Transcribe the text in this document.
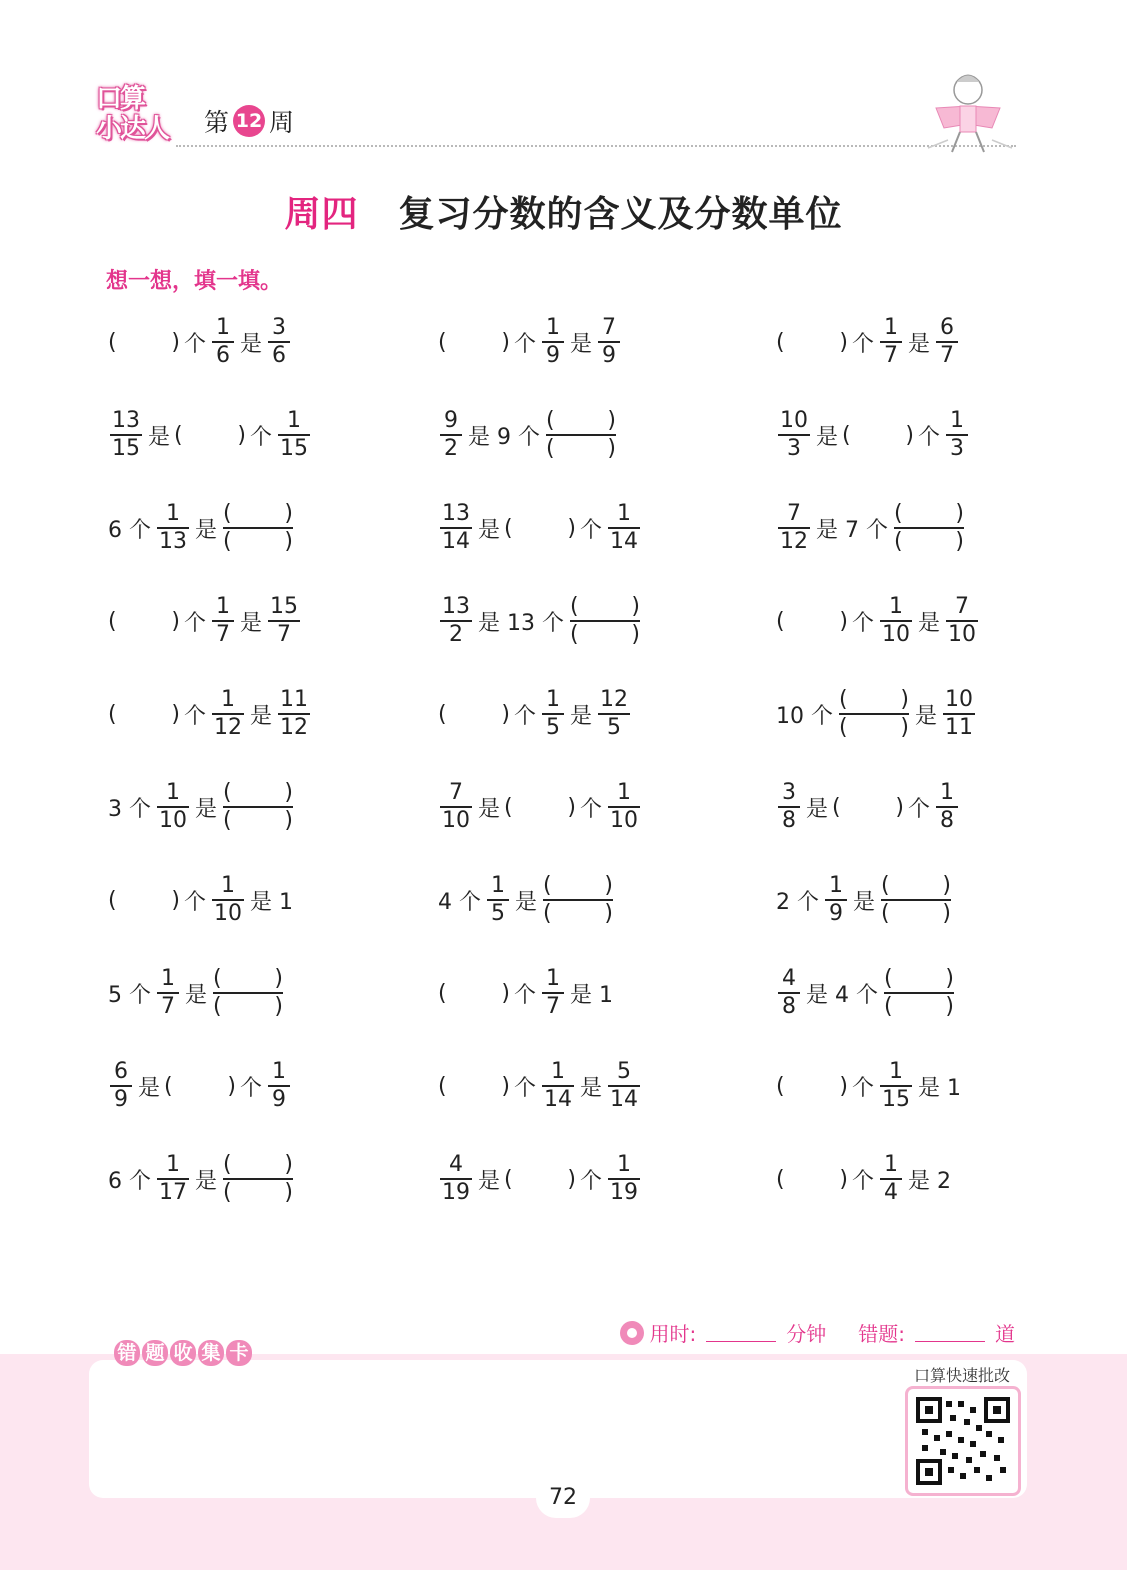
口算
小达人	第 12 周
周四 复习分数的含义及分数单位
想一想，填一填。
( ) 个 $\frac{1}{6}$ 是 $\frac{3}{6}$	( ) 个 $\frac{1}{9}$ 是 $\frac{7}{9}$	( ) 个 $\frac{1}{7}$ 是 $\frac{6}{7}$
$\frac{13}{15}$ 是 ( ) 个 $\frac{1}{15}$	$\frac{9}{2}$ 是 9 个 $\frac{( )}{( )}$	$\frac{10}{3}$ 是 ( ) 个 $\frac{1}{3}$
6 个 $\frac{1}{13}$ 是 $\frac{( )}{( )}$	$\frac{13}{14}$ 是 ( ) 个 $\frac{1}{14}$	$\frac{7}{12}$ 是 7 个 $\frac{( )}{( )}$
( ) 个 $\frac{1}{7}$ 是 $\frac{15}{7}$	$\frac{13}{2}$ 是 13 个 $\frac{( )}{( )}$	( ) 个 $\frac{1}{10}$ 是 $\frac{7}{10}$
( ) 个 $\frac{1}{12}$ 是 $\frac{11}{12}$	( ) 个 $\frac{1}{5}$ 是 $\frac{12}{5}$	10 个 $\frac{( )}{( )}$ 是 $\frac{10}{11}$
3 个 $\frac{1}{10}$ 是 $\frac{( )}{( )}$	$\frac{7}{10}$ 是 ( ) 个 $\frac{1}{10}$	$\frac{3}{8}$ 是 ( ) 个 $\frac{1}{8}$
( ) 个 $\frac{1}{10}$ 是 1	4 个 $\frac{1}{5}$ 是 $\frac{( )}{( )}$	2 个 $\frac{1}{9}$ 是 $\frac{( )}{( )}$
5 个 $\frac{1}{7}$ 是 $\frac{( )}{( )}$	( ) 个 $\frac{1}{7}$ 是 1	$\frac{4}{8}$ 是 4 个 $\frac{( )}{( )}$
$\frac{6}{9}$ 是 ( ) 个 $\frac{1}{9}$	( ) 个 $\frac{1}{14}$ 是 $\frac{5}{14}$	( ) 个 $\frac{1}{15}$ 是 1
6 个 $\frac{1}{17}$ 是 $\frac{( )}{( )}$	$\frac{4}{19}$ 是 ( ) 个 $\frac{1}{19}$	( ) 个 $\frac{1}{4}$ 是 2
用时:	分钟 错题:	道
错 题 收 集 卡
口算快速批改
72
